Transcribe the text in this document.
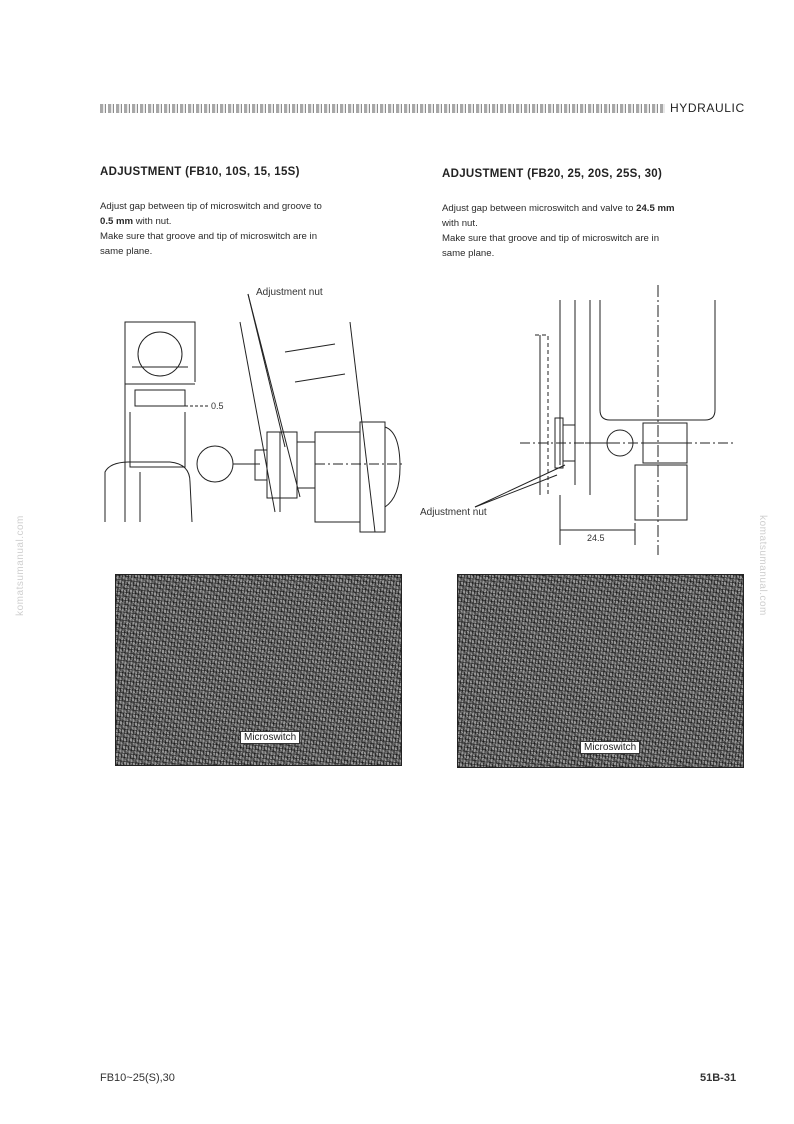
HYDRAULIC
ADJUSTMENT (FB10, 10S, 15, 15S)

Adjust gap between tip of microswitch and groove to

0.5 mm with nut.

Make sure that groove and tip of microswitch are in

same plane.

Adjustment nut
0.5
Microswitch
ADJUSTMENT (FB20, 25, 20S, 25S, 30)

Adjust gap between microswitch and valve to 24.5 mm

with nut.

Make sure that groove and tip of microswitch are in

same plane.

Adjustment nut
24.5
Microswitch
komatsumanual.com	komatsumanual.com
FB10~25(S),30	51B-31
